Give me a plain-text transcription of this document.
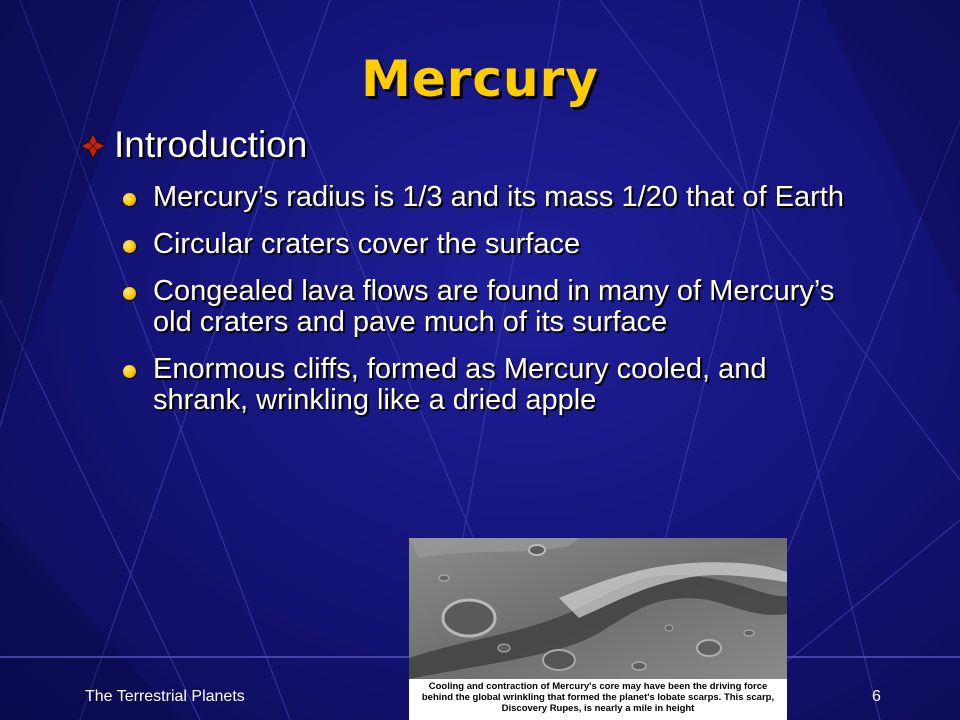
Mercury
Introduction
Mercury’s radius is 1/3 and its mass 1/20 that of Earth
Circular craters cover the surface
Congealed lava flows are found in many of Mercury’s old craters and pave much of its surface
Enormous cliffs, formed as Mercury cooled, and shrank, wrinkling like a dried apple
The Terrestrial Planets	6
Cooling and contraction of Mercury's core may have been the driving force behind the global wrinkling that formed the planet's lobate scarps. This scarp, Discovery Rupes, is nearly a mile in height
